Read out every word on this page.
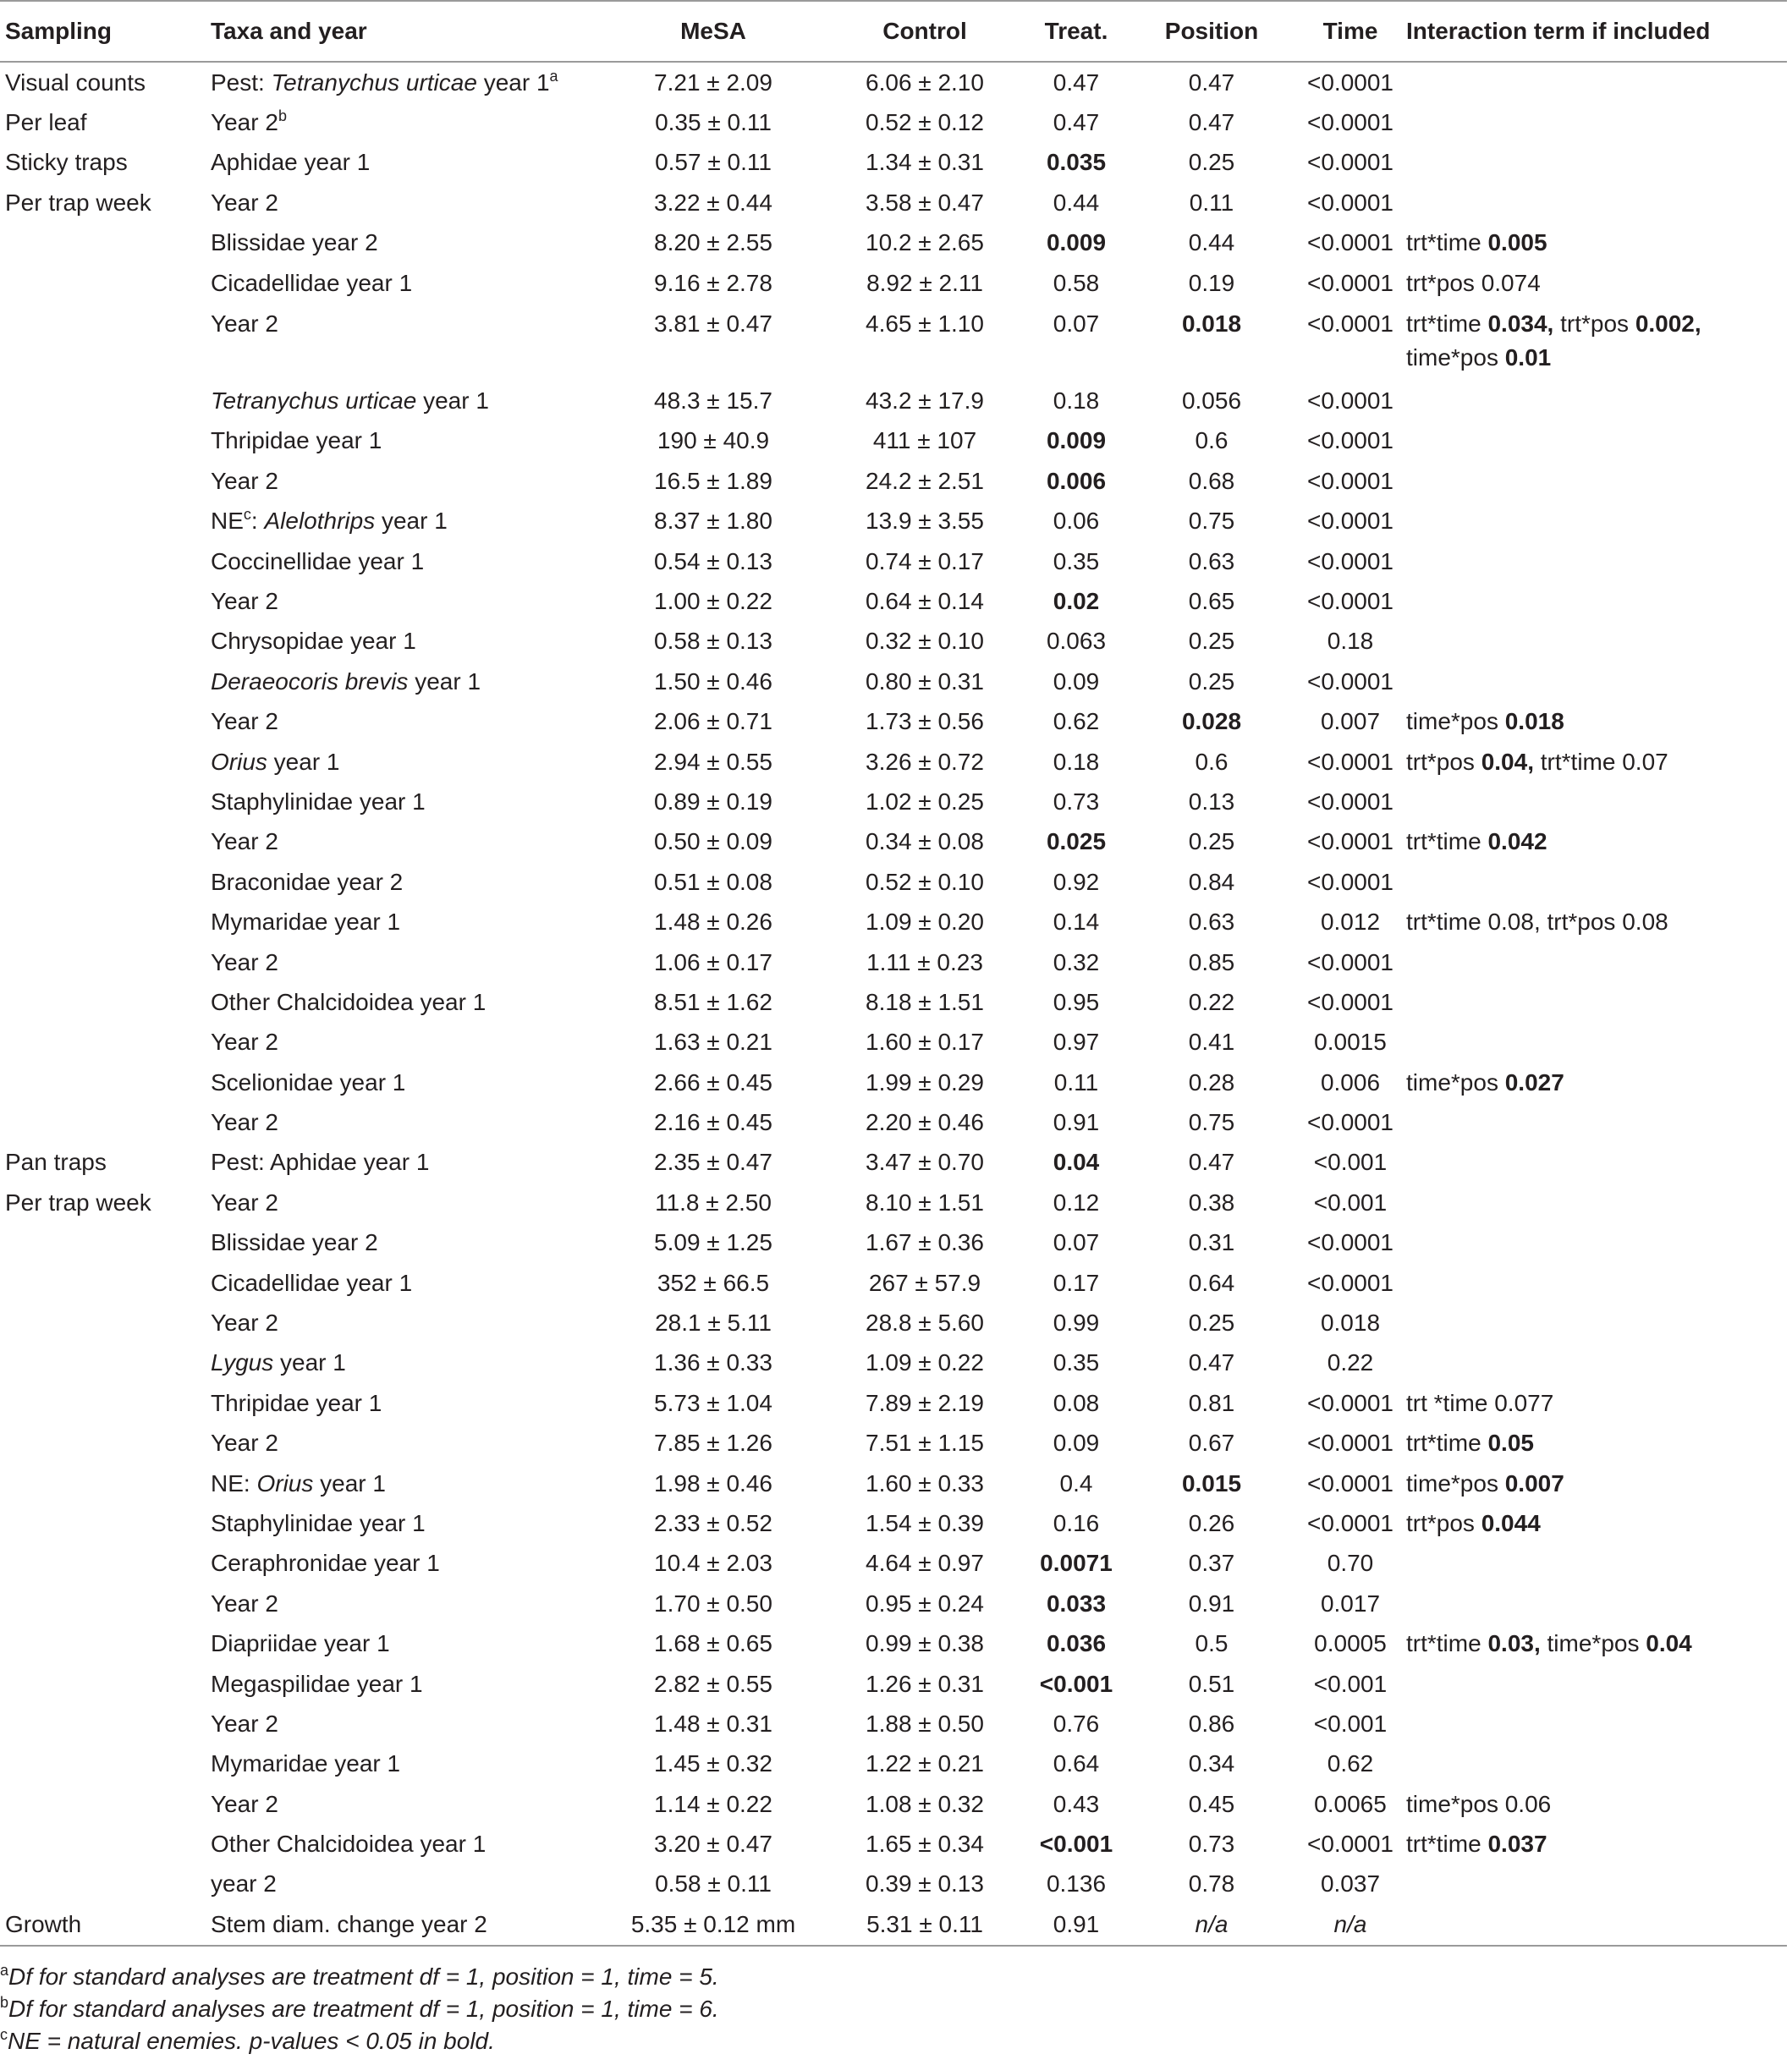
Sampling	Taxa and year	MeSA	Control	Treat.	Position	Time	Interaction term if included
Visual counts	Pest: Tetranychus urticae year 1$^a$	7.21 ± 2.09	6.06 ± 2.10	0.47	0.47	<0.0001	
Per leaf	Year 2$^b$	0.35 ± 0.11	0.52 ± 0.12	0.47	0.47	<0.0001	
Sticky traps	Aphidae year 1	0.57 ± 0.11	1.34 ± 0.31	0.035	0.25	<0.0001	
Per trap week	Year 2	3.22 ± 0.44	3.58 ± 0.47	0.44	0.11	<0.0001	
	Blissidae year 2	8.20 ± 2.55	10.2 ± 2.65	0.009	0.44	<0.0001	trt*time 0.005
	Cicadellidae year 1	9.16 ± 2.78	8.92 ± 2.11	0.58	0.19	<0.0001	trt*pos 0.074
	Year 2	3.81 ± 0.47	4.65 ± 1.10	0.07	0.018	<0.0001	trt*time 0.034, trt*pos 0.002, time*pos 0.01
	Tetranychus urticae year 1	48.3 ± 15.7	43.2 ± 17.9	0.18	0.056	<0.0001	
	Thripidae year 1	190 ± 40.9	411 ± 107	0.009	0.6	<0.0001	
	Year 2	16.5 ± 1.89	24.2 ± 2.51	0.006	0.68	<0.0001	
	$NE^c$: Alelothrips year 1	8.37 ± 1.80	13.9 ± 3.55	0.06	0.75	<0.0001	
	Coccinellidae year 1	0.54 ± 0.13	0.74 ± 0.17	0.35	0.63	<0.0001	
	Year 2	1.00 ± 0.22	0.64 ± 0.14	0.02	0.65	<0.0001	
	Chrysopidae year 1	0.58 ± 0.13	0.32 ± 0.10	0.063	0.25	0.18	
	Deraeocoris brevis year 1	1.50 ± 0.46	0.80 ± 0.31	0.09	0.25	<0.0001	
	Year 2	2.06 ± 0.71	1.73 ± 0.56	0.62	0.028	0.007	time*pos 0.018
	Orius year 1	2.94 ± 0.55	3.26 ± 0.72	0.18	0.6	<0.0001	trt*pos 0.04, trt*time 0.07
	Staphylinidae year 1	0.89 ± 0.19	1.02 ± 0.25	0.73	0.13	<0.0001	
	Year 2	0.50 ± 0.09	0.34 ± 0.08	0.025	0.25	<0.0001	trt*time 0.042
	Braconidae year 2	0.51 ± 0.08	0.52 ± 0.10	0.92	0.84	<0.0001	
	Mymaridae year 1	1.48 ± 0.26	1.09 ± 0.20	0.14	0.63	0.012	trt*time 0.08, trt*pos 0.08
	Year 2	1.06 ± 0.17	1.11 ± 0.23	0.32	0.85	<0.0001	
	Other Chalcidoidea year 1	8.51 ± 1.62	8.18 ± 1.51	0.95	0.22	<0.0001	
	Year 2	1.63 ± 0.21	1.60 ± 0.17	0.97	0.41	0.0015	
	Scelionidae year 1	2.66 ± 0.45	1.99 ± 0.29	0.11	0.28	0.006	time*pos 0.027
	Year 2	2.16 ± 0.45	2.20 ± 0.46	0.91	0.75	<0.0001	
Pan traps	Pest: Aphidae year 1	2.35 ± 0.47	3.47 ± 0.70	0.04	0.47	<0.001	
Per trap week	Year 2	11.8 ± 2.50	8.10 ± 1.51	0.12	0.38	<0.001	
	Blissidae year 2	5.09 ± 1.25	1.67 ± 0.36	0.07	0.31	<0.0001	
	Cicadellidae year 1	352 ± 66.5	267 ± 57.9	0.17	0.64	<0.0001	
	Year 2	28.1 ± 5.11	28.8 ± 5.60	0.99	0.25	0.018	
	Lygus year 1	1.36 ± 0.33	1.09 ± 0.22	0.35	0.47	0.22	
	Thripidae year 1	5.73 ± 1.04	7.89 ± 2.19	0.08	0.81	<0.0001	trt *time 0.077
	Year 2	7.85 ± 1.26	7.51 ± 1.15	0.09	0.67	<0.0001	trt*time 0.05
	NE: Orius year 1	1.98 ± 0.46	1.60 ± 0.33	0.4	0.015	<0.0001	time*pos 0.007
	Staphylinidae year 1	2.33 ± 0.52	1.54 ± 0.39	0.16	0.26	<0.0001	trt*pos 0.044
	Ceraphronidae year 1	10.4 ± 2.03	4.64 ± 0.97	0.0071	0.37	0.70	
	Year 2	1.70 ± 0.50	0.95 ± 0.24	0.033	0.91	0.017	
	Diapriidae year 1	1.68 ± 0.65	0.99 ± 0.38	0.036	0.5	0.0005	trt*time 0.03, time*pos 0.04
	Megaspilidae year 1	2.82 ± 0.55	1.26 ± 0.31	<0.001	0.51	<0.001	
	Year 2	1.48 ± 0.31	1.88 ± 0.50	0.76	0.86	<0.001	
	Mymaridae year 1	1.45 ± 0.32	1.22 ± 0.21	0.64	0.34	0.62	
	Year 2	1.14 ± 0.22	1.08 ± 0.32	0.43	0.45	0.0065	time*pos 0.06
	Other Chalcidoidea year 1	3.20 ± 0.47	1.65 ± 0.34	<0.001	0.73	<0.0001	trt*time 0.037
	year 2	0.58 ± 0.11	0.39 ± 0.13	0.136	0.78	0.037	
Growth	Stem diam. change year 2	5.35 ± 0.12 mm	5.31 ± 0.11	0.91	n/a	n/a	
$^a$Df for standard analyses are treatment df = 1, position = 1, time = 5.
$^b$Df for standard analyses are treatment df = 1, position = 1, time = 6.
$^c$NE = natural enemies. p-values < 0.05 in bold.
